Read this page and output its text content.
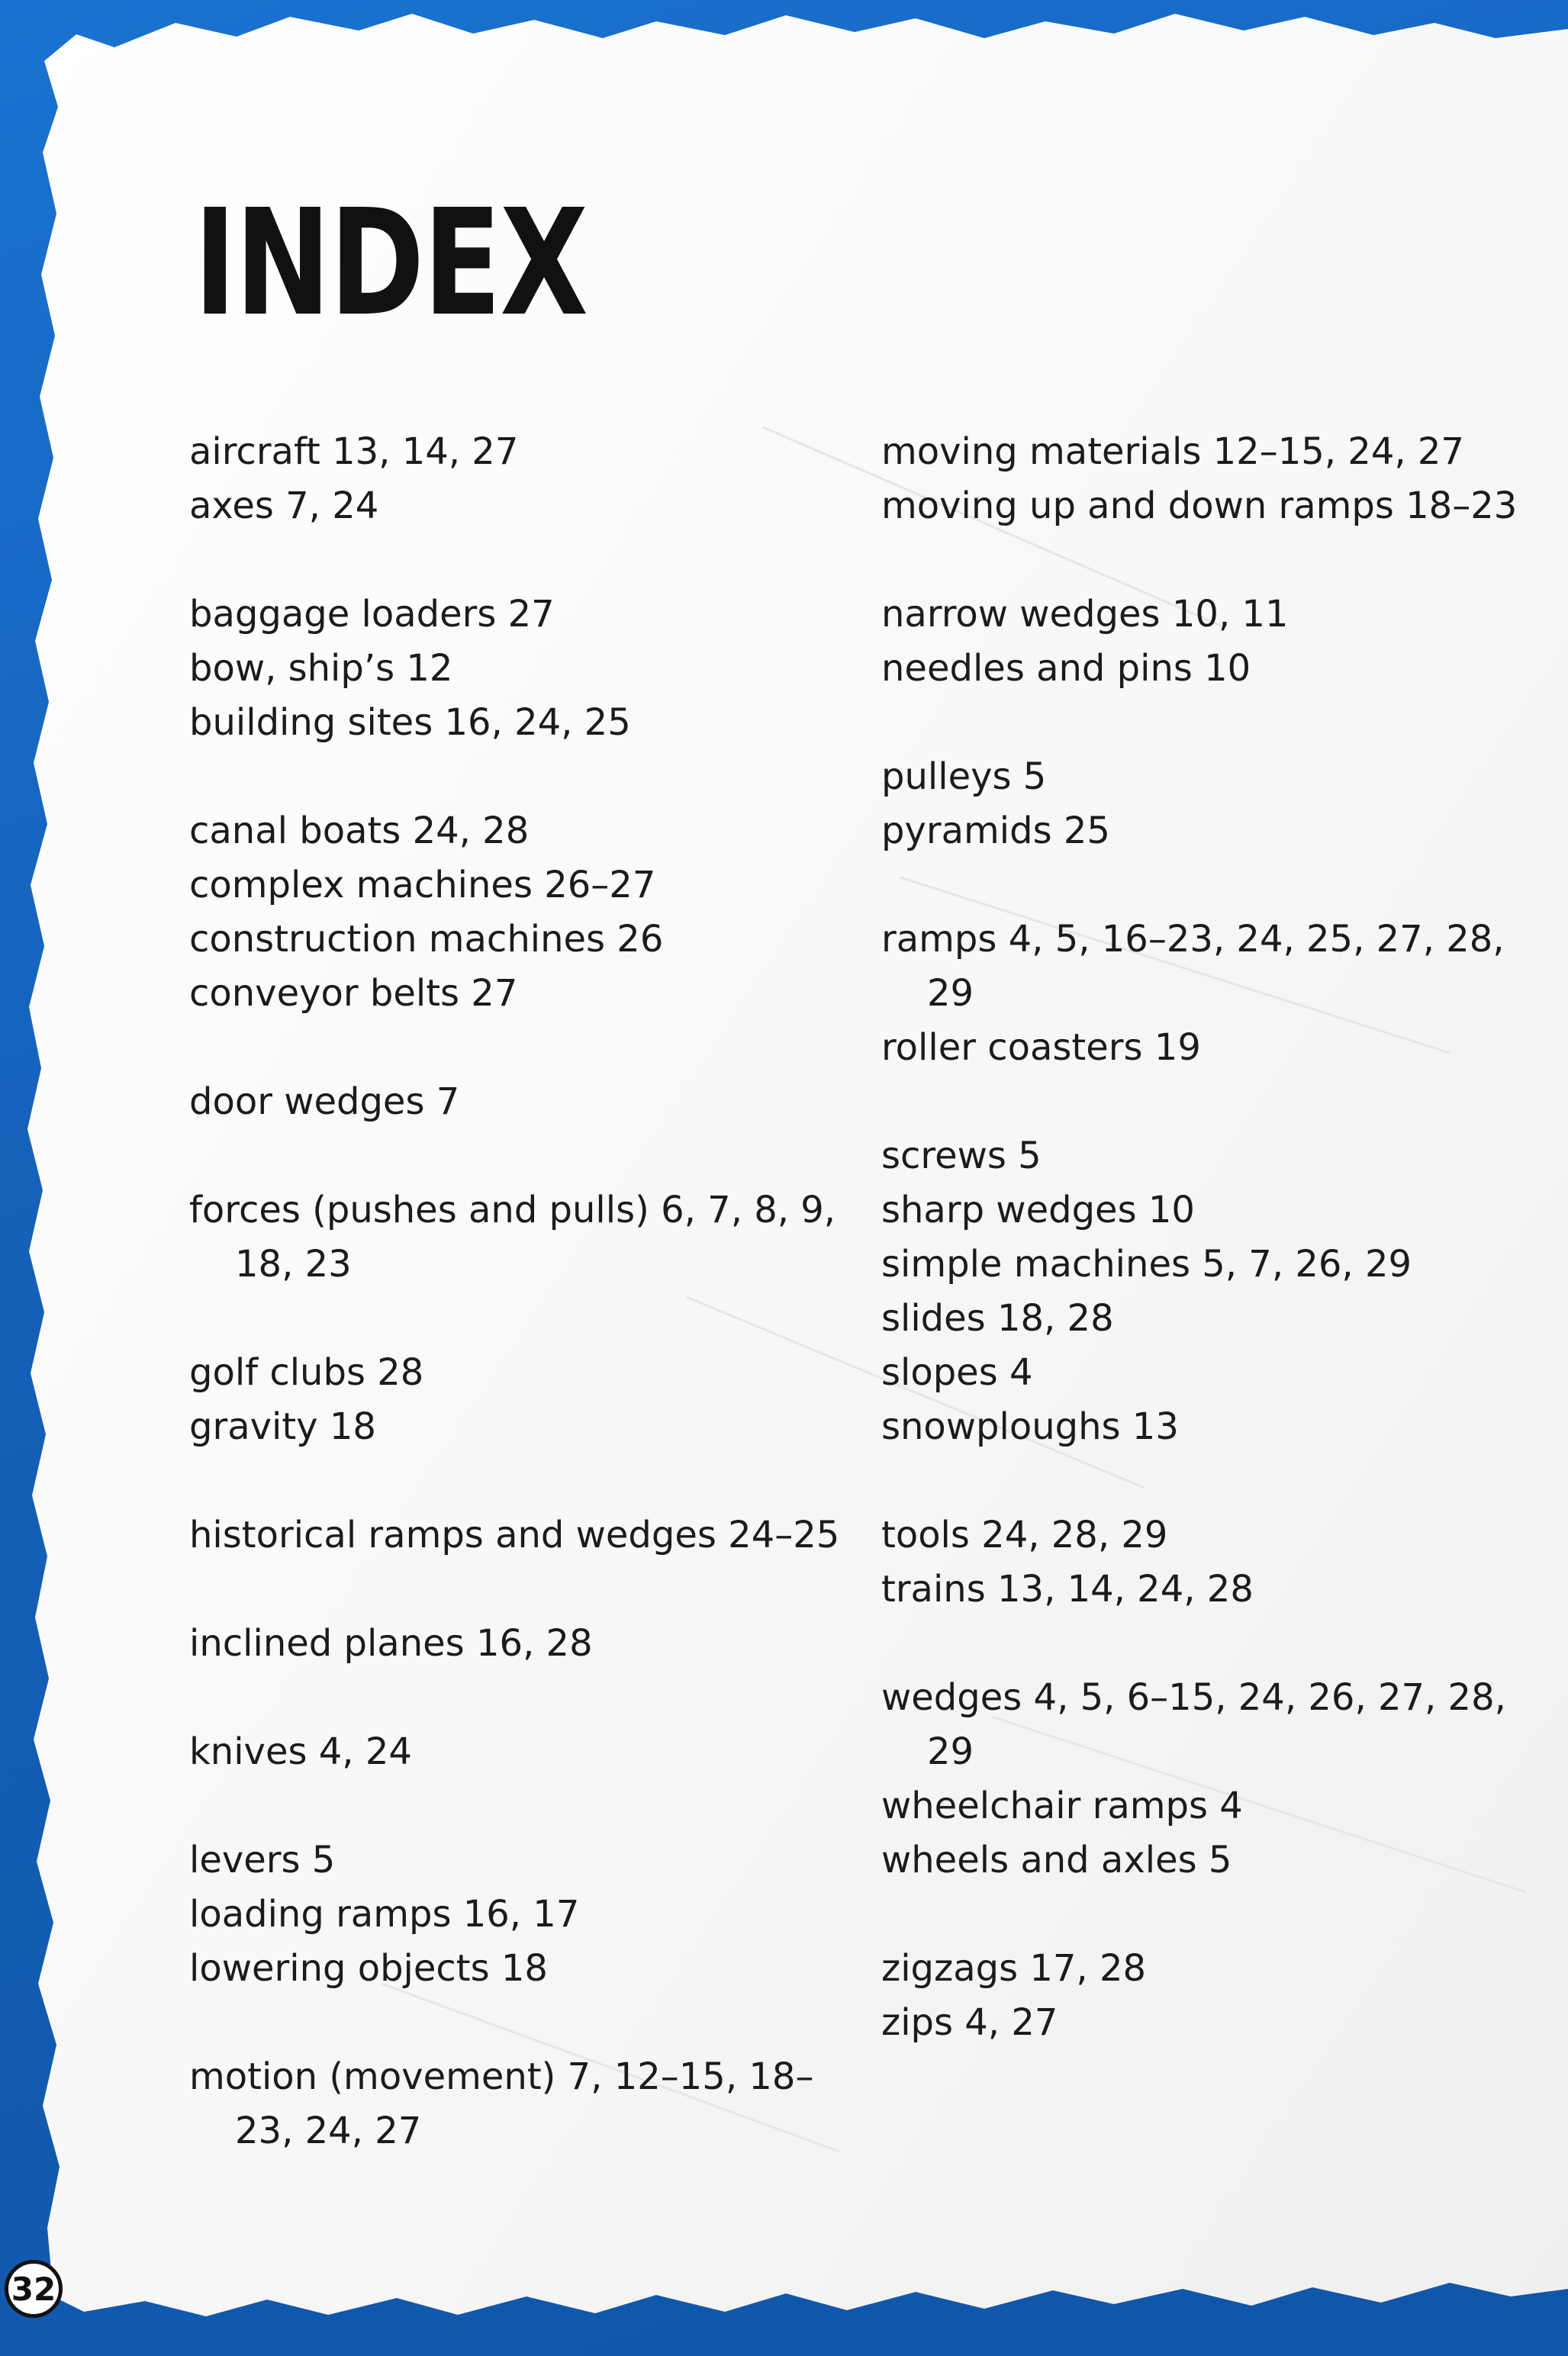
INDEX
aircraft 13, 14, 27
axes 7, 24
baggage loaders 27
bow, ship’s 12
building sites 16, 24, 25
canal boats 24, 28
complex machines 26–27
construction machines 26
conveyor belts 27
door wedges 7
forces (pushes and pulls) 6, 7, 8, 9, 18, 23
golf clubs 28
gravity 18
historical ramps and wedges 24–25
inclined planes 16, 28
knives 4, 24
levers 5
loading ramps 16, 17
lowering objects 18
motion (movement) 7, 12–15, 18–23, 24, 27
moving materials 12–15, 24, 27
moving up and down ramps 18–23
narrow wedges 10, 11
needles and pins 10
pulleys 5
pyramids 25
ramps 4, 5, 16–23, 24, 25, 27, 28, 29
roller coasters 19
screws 5
sharp wedges 10
simple machines 5, 7, 26, 29
slides 18, 28
slopes 4
snowploughs 13
tools 24, 28, 29
trains 13, 14, 24, 28
wedges 4, 5, 6–15, 24, 26, 27, 28, 29
wheelchair ramps 4
wheels and axles 5
zigzags 17, 28
zips 4, 27
32
